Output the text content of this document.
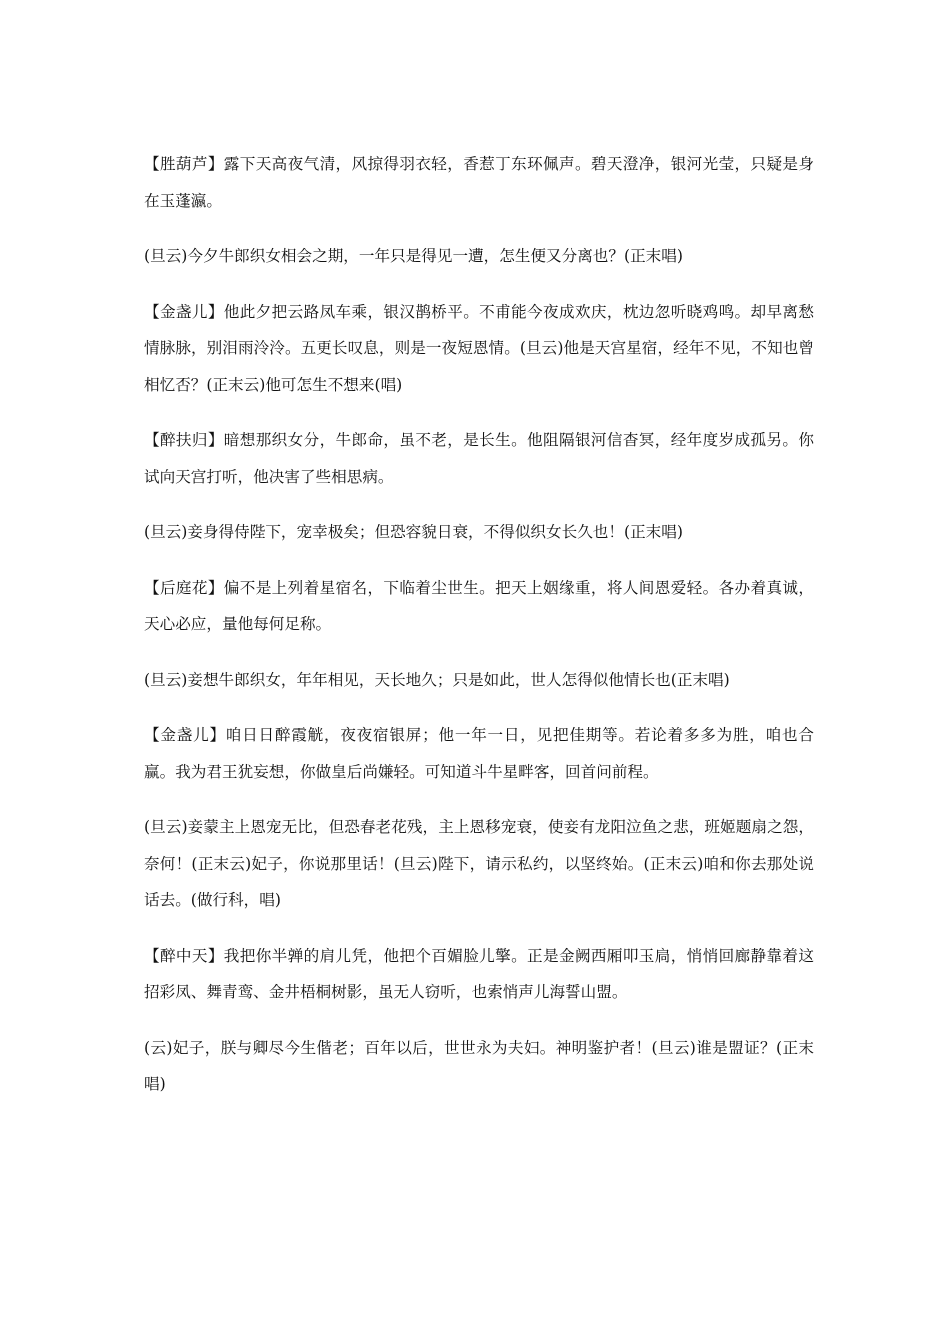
【胜葫芦】露下天高夜气清，风掠得羽衣轻，香惹丁东环佩声。碧天澄净，银河光莹，只疑是身在玉蓬瀛。

(旦云)今夕牛郎织女相会之期，一年只是得见一遭，怎生便又分离也？(正末唱)

【金盏儿】他此夕把云路凤车乘，银汉鹊桥平。不甫能今夜成欢庆，枕边忽听晓鸡鸣。却早离愁情脉脉，别泪雨泠泠。五更长叹息，则是一夜短恩情。(旦云)他是天宫星宿，经年不见，不知也曾相忆否？(正末云)他可怎生不想来(唱)

【醉扶归】暗想那织女分，牛郎命，虽不老，是长生。他阻隔银河信杳冥，经年度岁成孤另。你试向天宫打听，他决害了些相思病。

(旦云)妾身得侍陛下，宠幸极矣；但恐容貌日衰，不得似织女长久也！(正末唱)

【后庭花】偏不是上列着星宿名，下临着尘世生。把天上姻缘重，将人间恩爱轻。各办着真诚，天心必应，量他每何足称。

(旦云)妾想牛郎织女，年年相见，天长地久；只是如此，世人怎得似他情长也(正末唱)

【金盏儿】咱日日醉霞觥，夜夜宿银屏；他一年一日，见把佳期等。若论着多多为胜，咱也合赢。我为君王犹妄想，你做皇后尚嫌轻。可知道斗牛星畔客，回首问前程。

(旦云)妾蒙主上恩宠无比，但恐春老花残，主上恩移宠衰，使妾有龙阳泣鱼之悲，班姬题扇之怨，奈何！(正末云)妃子，你说那里话！(旦云)陛下，请示私约，以坚终始。(正末云)咱和你去那处说话去。(做行科，唱)

【醉中天】我把你半亸的肩儿凭，他把个百媚脸儿擎。正是金阙西厢叩玉扃，悄悄回廊静靠着这招彩凤、舞青鸾、金井梧桐树影，虽无人窃听，也索悄声儿海誓山盟。

(云)妃子，朕与卿尽今生偕老；百年以后，世世永为夫妇。神明鉴护者！(旦云)谁是盟证？(正末唱)
